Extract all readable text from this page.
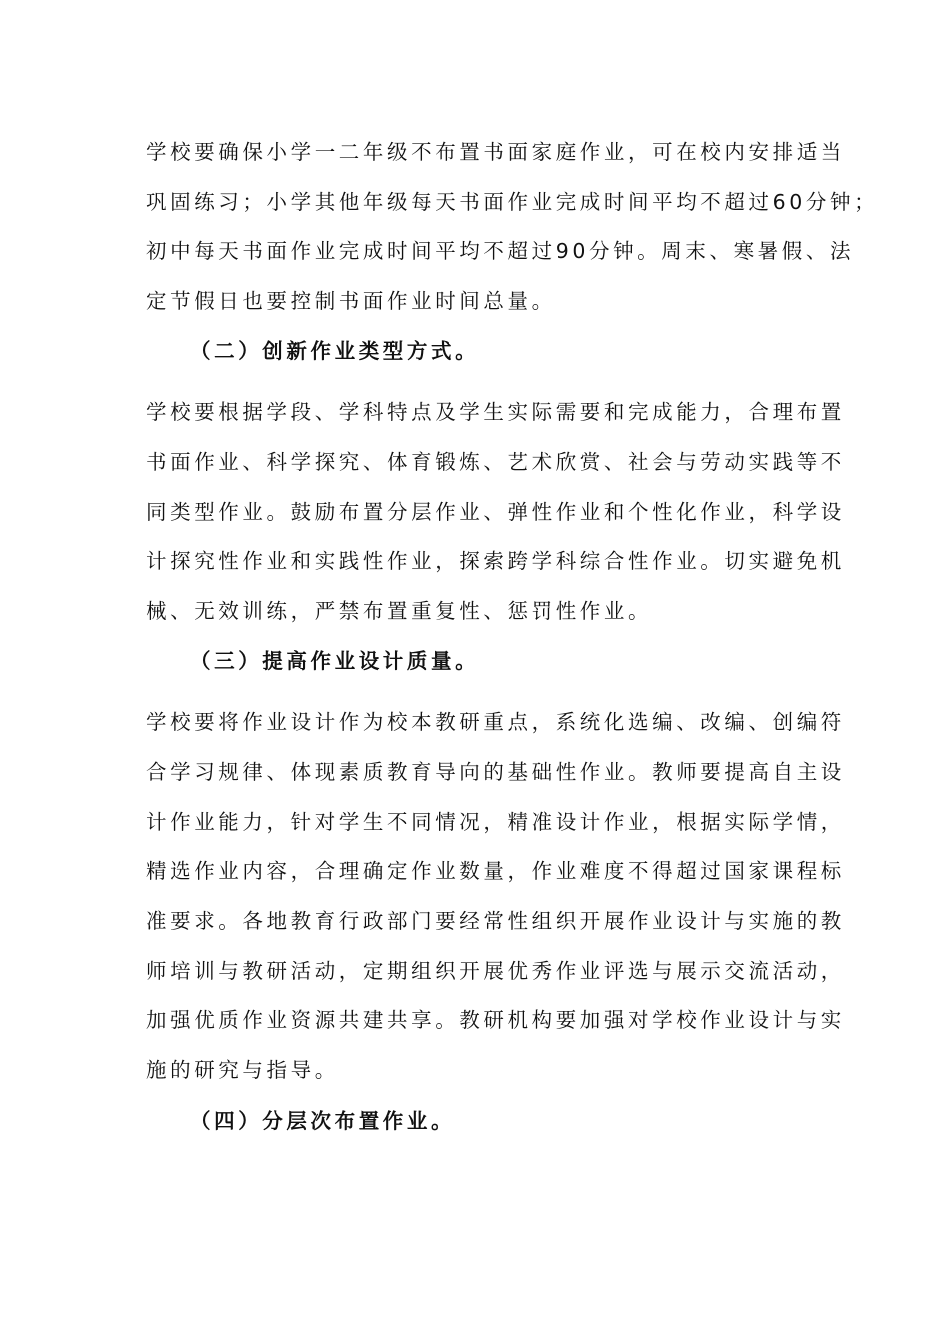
学校要确保小学一二年级不布置书面家庭作业，可在校内安排适当
巩固练习；小学其他年级每天书面作业完成时间平均不超过60分钟；
初中每天书面作业完成时间平均不超过90分钟。周末、寒暑假、法
定节假日也要控制书面作业时间总量。
（二）创新作业类型方式。
学校要根据学段、学科特点及学生实际需要和完成能力，合理布置
书面作业、科学探究、体育锻炼、艺术欣赏、社会与劳动实践等不
同类型作业。鼓励布置分层作业、弹性作业和个性化作业，科学设
计探究性作业和实践性作业，探索跨学科综合性作业。切实避免机
械、无效训练，严禁布置重复性、惩罚性作业。
（三）提高作业设计质量。
学校要将作业设计作为校本教研重点，系统化选编、改编、创编符
合学习规律、体现素质教育导向的基础性作业。教师要提高自主设
计作业能力，针对学生不同情况，精准设计作业，根据实际学情，
精选作业内容，合理确定作业数量，作业难度不得超过国家课程标
准要求。各地教育行政部门要经常性组织开展作业设计与实施的教
师培训与教研活动，定期组织开展优秀作业评选与展示交流活动，
加强优质作业资源共建共享。教研机构要加强对学校作业设计与实
施的研究与指导。
（四）分层次布置作业。
